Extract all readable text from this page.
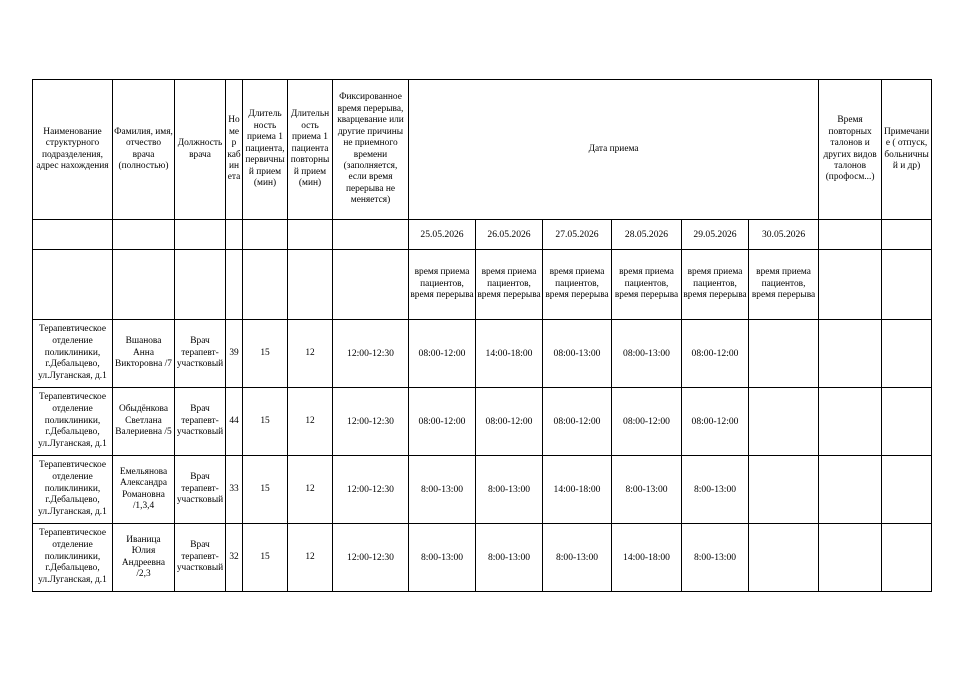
Наименование структурного подразделения, адрес нахождения	Фамилия, имя, отчество врача (полностью)	Должность врача	Номер кабинета	Длитель ность приема 1 пациента, первичный прием (мин)	Длительность приема 1 пациента повторный прием (мин)	Фиксированное время перерыва, кварцевание или другие причины не приемного времени (заполняется, если время перерыва не меняется)	Дата приема						Время повторных талонов и других видов талонов (профосм...)	Примечание ( отпуск, больничный и др)
							25.05.2026	26.05.2026	27.05.2026	28.05.2026	29.05.2026	30.05.2026		
							время приема пациентов, время перерыва	время приема пациентов, время перерыва	время приема пациентов, время перерыва	время приема пациентов, время перерыва	время приема пациентов, время перерыва	время приема пациентов, время перерыва		
Терапевтическое отделение поликлиники, г.Дебальцево, ул.Луганская, д.1	Вшанова Анна Викторовна /7	Врач терапевт-участковый	39	15	12	12:00-12:30	08:00-12:00	14:00-18:00	08:00-13:00	08:00-13:00	08:00-12:00			
Терапевтическое отделение поликлиники, г.Дебальцево, ул.Луганская, д.1	Обыдёнкова Светлана Валериевна /5	Врач терапевт-участковый	44	15	12	12:00-12:30	08:00-12:00	08:00-12:00	08:00-12:00	08:00-12:00	08:00-12:00			
Терапевтическое отделение поликлиники, г.Дебальцево, ул.Луганская, д.1	Емельянова Александра Романовна /1,3,4	Врач терапевт-участковый	33	15	12	12:00-12:30	8:00-13:00	8:00-13:00	14:00-18:00	8:00-13:00	8:00-13:00			
Терапевтическое отделение поликлиники, г.Дебальцево, ул.Луганская, д.1	Иваница Юлия Андреевна /2,3	Врач терапевт-участковый	32	15	12	12:00-12:30	8:00-13:00	8:00-13:00	8:00-13:00	14:00-18:00	8:00-13:00			
